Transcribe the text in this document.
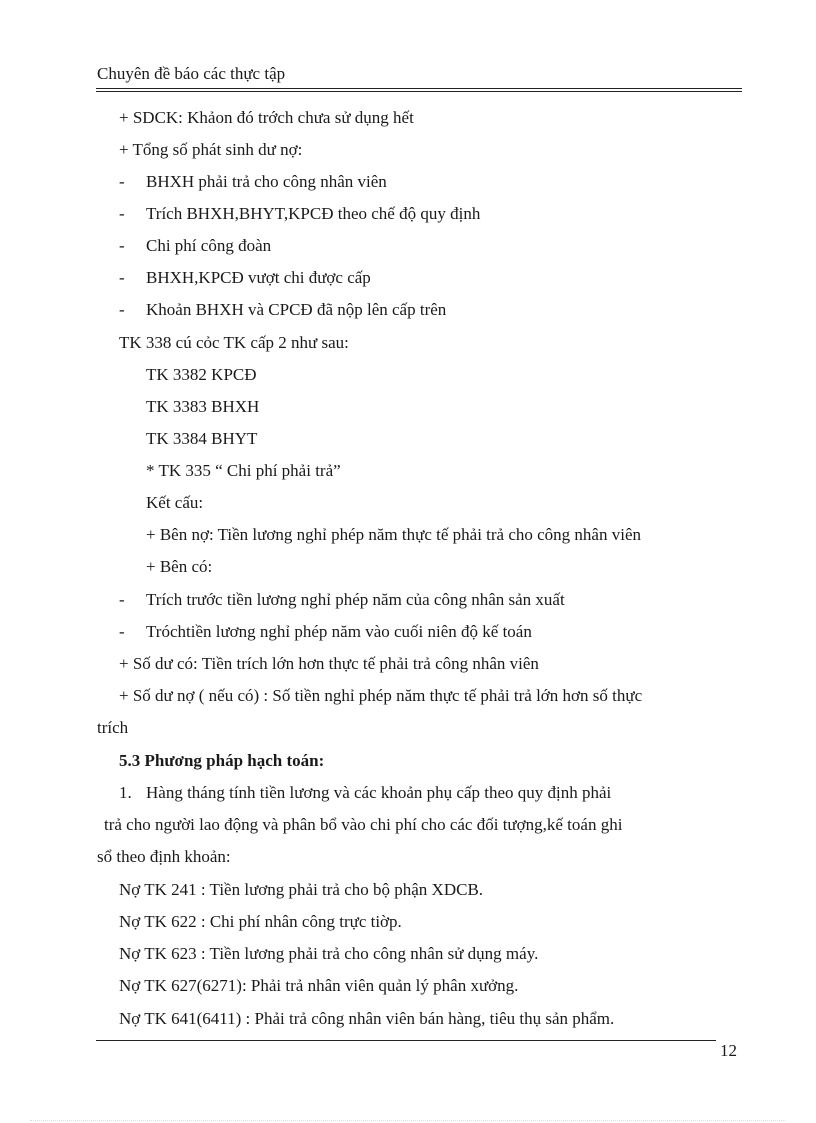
Chuyên đề báo các thực tập
+ SDCK: Khảon đó trớch chưa sử dụng hết
+ Tổng số phát sinh dư nợ:
- BHXH phải trả cho công nhân viên
- Trích BHXH,BHYT,KPCĐ theo chế độ quy định
- Chi phí công đoàn
- BHXH,KPCĐ vượt chi được cấp
- Khoản BHXH và CPCĐ đã nộp lên cấp trên
TK 338 cú cỏc TK cấp 2 như sau:
TK 3382 KPCĐ
TK 3383 BHXH
TK 3384 BHYT
* TK 335 “ Chi phí phải trả”
Kết cấu:
+ Bên nợ: Tiền lương nghỉ phép năm thực tế phải trả cho công nhân viên
+ Bên có:
- Trích trước tiền lương nghỉ phép năm của công nhân sản xuất
- Tróchtiền lương nghỉ phép năm vào cuối niên độ kế toán
+ Số dư có: Tiền trích lớn hơn thực tế phải trả công nhân viên
+ Số dư nợ ( nếu có) : Số tiền nghỉ phép năm thực tế phải trả lớn hơn số thực
trích
5.3 Phương pháp hạch toán:
1. Hàng tháng tính tiền lương và các khoản phụ cấp theo quy định phải
trả cho người lao động và phân bổ vào chi phí cho các đối tượng,kế toán ghi
sổ theo định khoản:
Nợ TK 241 : Tiền lương phải trả cho bộ phận XDCB.
Nợ TK 622 : Chi phí nhân công trực tiờp.
Nợ TK 623 : Tiền lương phải trả cho công nhân sử dụng máy.
Nợ TK 627(6271): Phải trả nhân viên quản lý phân xưởng.
Nợ TK 641(6411) : Phải trả công nhân viên bán hàng, tiêu thụ sản phẩm.
12
